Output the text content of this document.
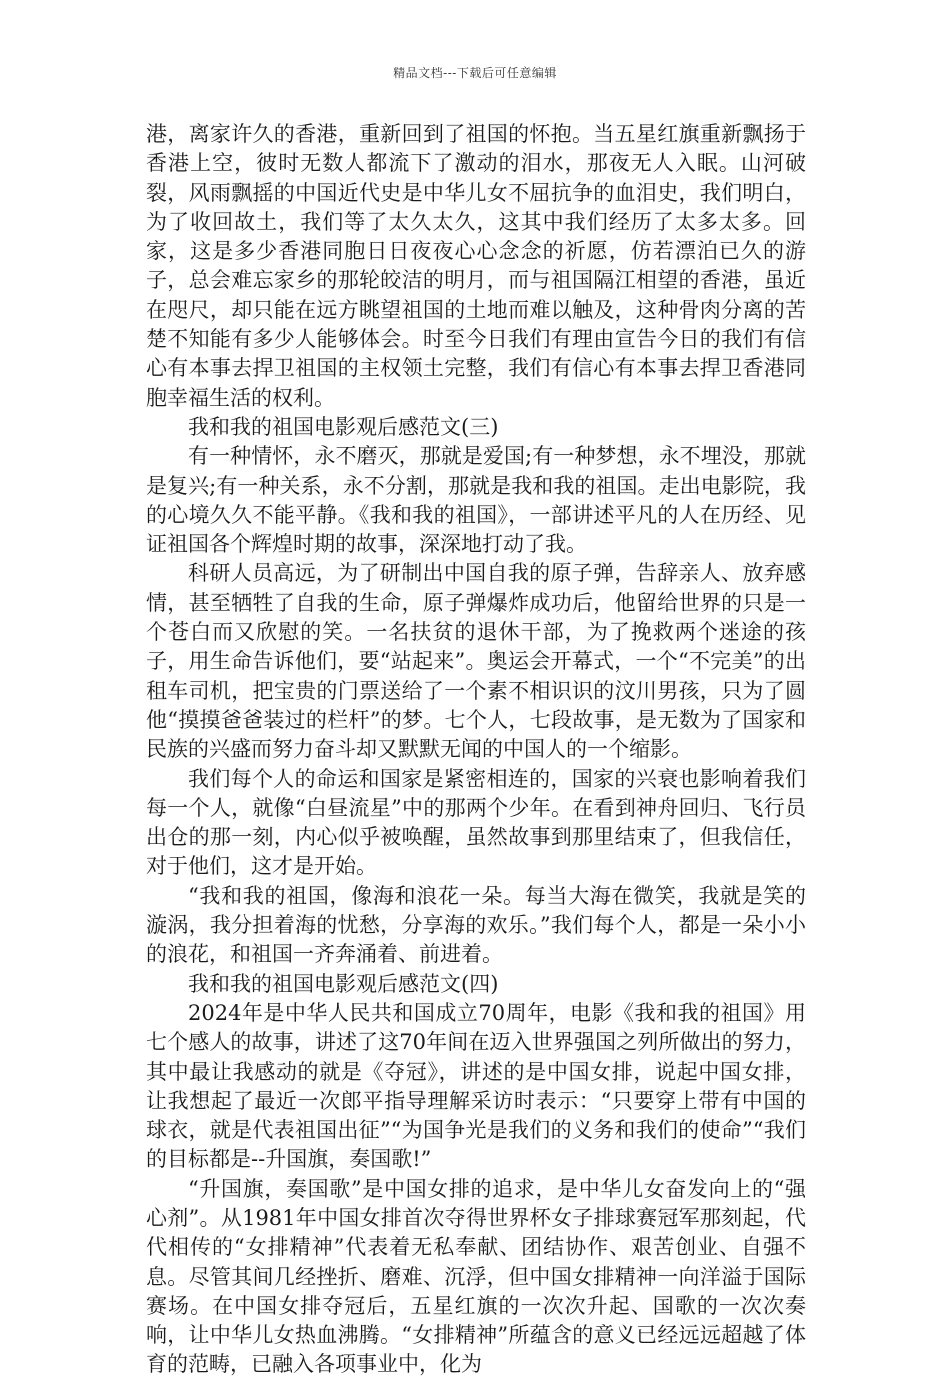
精品文档---下载后可任意编辑

港，离家许久的香港，重新回到了祖国的怀抱。当五星红旗重新飘扬于香港上空，彼时无数人都流下了激动的泪水，那夜无人入眠。山河破裂，风雨飘摇的中国近代史是中华儿女不屈抗争的血泪史，我们明白，为了收回故土，我们等了太久太久，这其中我们经历了太多太多。回家，这是多少香港同胞日日夜夜心心念念的祈愿，仿若漂泊已久的游子，总会难忘家乡的那轮皎洁的明月，而与祖国隔江相望的香港，虽近在咫尺，却只能在远方眺望祖国的土地而难以触及，这种骨肉分离的苦楚不知能有多少人能够体会。时至今日我们有理由宣告今日的我们有信心有本事去捍卫祖国的主权领土完整，我们有信心有本事去捍卫香港同胞幸福生活的权利。

我和我的祖国电影观后感范文(三)

有一种情怀，永不磨灭，那就是爱国;有一种梦想，永不埋没，那就是复兴;有一种关系，永不分割，那就是我和我的祖国。走出电影院，我的心境久久不能平静。《我和我的祖国》，一部讲述平凡的人在历经、见证祖国各个辉煌时期的故事，深深地打动了我。

科研人员高远，为了研制出中国自我的原子弹，告辞亲人、放弃感情，甚至牺牲了自我的生命，原子弹爆炸成功后，他留给世界的只是一个苍白而又欣慰的笑。一名扶贫的退休干部，为了挽救两个迷途的孩子，用生命告诉他们，要“站起来”。奥运会开幕式，一个“不完美”的出租车司机，把宝贵的门票送给了一个素不相识识的汶川男孩，只为了圆他“摸摸爸爸装过的栏杆”的梦。七个人，七段故事，是无数为了国家和民族的兴盛而努力奋斗却又默默无闻的中国人的一个缩影。

我们每个人的命运和国家是紧密相连的，国家的兴衰也影响着我们每一个人，就像“白昼流星”中的那两个少年。在看到神舟回归、飞行员出仓的那一刻，内心似乎被唤醒，虽然故事到那里结束了，但我信任，对于他们，这才是开始。

“我和我的祖国，像海和浪花一朵。每当大海在微笑，我就是笑的漩涡，我分担着海的忧愁，分享海的欢乐。”我们每个人，都是一朵小小的浪花，和祖国一齐奔涌着、前进着。

我和我的祖国电影观后感范文(四)

2024年是中华人民共和国成立70周年，电影《我和我的祖国》用七个感人的故事，讲述了这70年间在迈入世界强国之列所做出的努力，其中最让我感动的就是《夺冠》，讲述的是中国女排，说起中国女排，让我想起了最近一次郎平指导理解采访时表示：“只要穿上带有中国的球衣，就是代表祖国出征”“为国争光是我们的义务和我们的使命”“我们的目标都是--升国旗，奏国歌!”

“升国旗，奏国歌”是中国女排的追求，是中华儿女奋发向上的“强心剂”。从1981年中国女排首次夺得世界杯女子排球赛冠军那刻起，代代相传的“女排精神”代表着无私奉献、团结协作、艰苦创业、自强不息。尽管其间几经挫折、磨难、沉浮，但中国女排精神一向洋溢于国际赛场。在中国女排夺冠后，五星红旗的一次次升起、国歌的一次次奏响，让中华儿女热血沸腾。“女排精神”所蕴含的意义已经远远超越了体育的范畴，已融入各项事业中，化为
